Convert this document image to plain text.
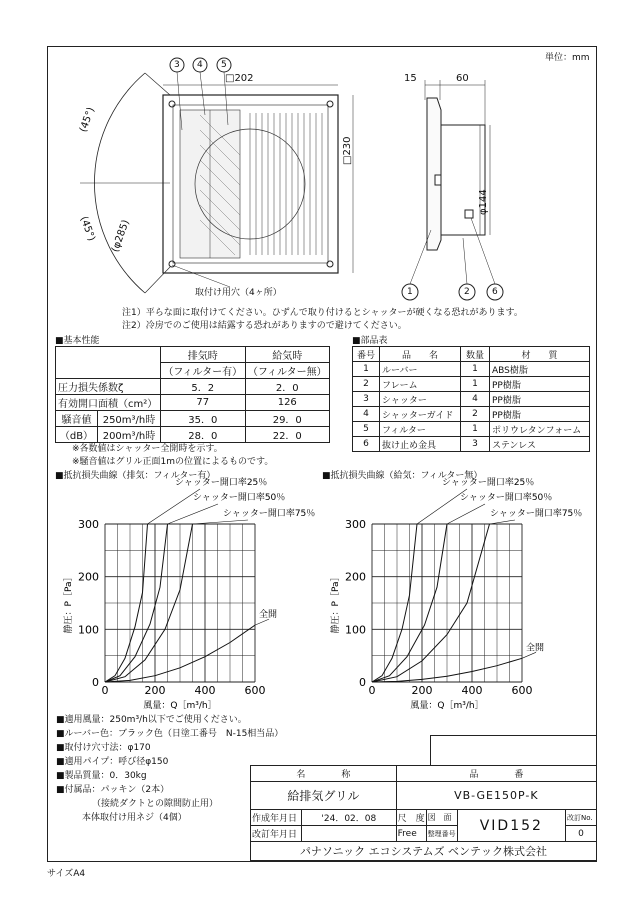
単位：mm
3 4 5
□202
□230
(45°)
(45°) (φ285)
取付け用穴（4ヶ所）
15	60
φ144
1	2 6
注1）平らな面に取付けてください。ひずんで取り付けるとシャッターが硬くなる恐れがあります。
注2）冷房でのご使用は結露する恐れがありますので避けてください。
■基本性能
		排気時	給気時
		（フィルター有）	（フィルター無）
圧力損失係数ζ		5．2	2．0
有効開口面積（cm²）		77	126
騒音値	250m³/h時	35．0	29．0
（dB）	200m³/h時	28．0	22．0
※各数値はシャッター全開時を示す。
※騒音値はグリル正面1mの位置によるものです。
■部品表
番号	品　　名	数量	材　　質
1	ルーバー	1	ABS樹脂
2	フレーム	1	PP樹脂
3	シャッター	4	PP樹脂
4	シャッターガイド	2	PP樹脂
5	フィルター	1	ポリウレタンフォーム
6	抜け止め金具	3	ステンレス
■抵抗損失曲線（排気：フィルター有）	■抵抗損失曲線（給気：フィルター無）
0	200	400	600
0
100
200
300
風量：Q［m³/h］
静圧：P［Pa］
シャッター開口率25％
シャッター開口率50％
シャッター開口率75％
全開
0	200	400	600
0
100
200
300
風量：Q［m³/h］
静圧：P［Pa］
シャッター開口率25％
シャッター開口率50％
シャッター開口率75％
全開
■適用風量：250m³/h以下でご使用ください。
■ルーバー色：ブラック色（日塗工番号　N-15相当品）
■取付け穴寸法：φ170
■適用パイプ：呼び径φ150
■製品質量：0．30kg
■付属品：パッキン（2本）
（接続ダクトとの隙間防止用）
本体取付け用ネジ（4個）
名　　　　称		品　　　　番			
給排気グリル		VB-GE150P-K			
作成年月日	'24．02．08	尺　度	図　面	VID152	改訂No.
改訂年月日		Free	整理番号		0
パナソニック エコシステムズ ベンテック株式会社					
サイズA4
